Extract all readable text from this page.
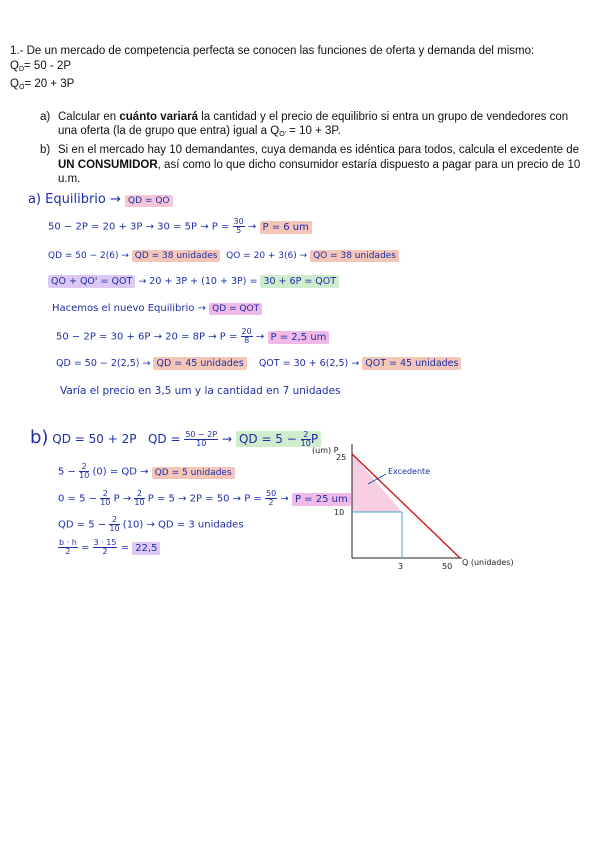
1.- De un mercado de competencia perfecta se conocen las funciones de oferta y demanda del mismo:
$Q_D= 50 - 2P$
$Q_O= 20 + 3P$
a) Calcular en cuánto variará la cantidad y el precio de equilibrio si entra un grupo de vendedores con una oferta (la de grupo que entra) igual a $Q_{O'} = 10 + 3P$.
b) Si en el mercado hay 10 demandantes, cuya demanda es idéntica para todos, calcula el excedente de UN CONSUMIDOR, así como lo que dicho consumidor estaría dispuesto a pagar para un precio de 10 u.m.
a) Equilibrio → QD = QO
$50 - 2P = 20 + 3P \to 30 = 5P \to P = \frac{30}{5} \to P = 6$ um
QD = 50 − 2(6) → QD = 38 unidades QO = 20 + 3(6) → QO = 38 unidades
QO + QO' = QOT → 20 + 3P + (10 + 3P) = 30 + 6P = QOT
Hacemos el nuevo Equilibrio → QD = QOT
$50 - 2P = 30 + 6P \to 20 = 8P \to P = \frac{20}{8} \to P = 2,5$ um
QD = 50 − 2(2,5) → QD = 45 unidades QOT = 30 + 6(2,5) → QOT = 45 unidades
Varía el precio en 3,5 um y la cantidad en 7 unidades
b) QD = 50 + 2P QD = $\frac{50 - 2P}{10}$ → QD = $5 - \frac{2}{10}$ P
$5 - \frac{2}{10} (0)$ = QD → QD = 5 unidades
$0 = 5 - \frac{2}{10}$ $P \to \frac{2}{10}$ $P = 5 \to 2P = 50 \to P = \frac{50}{2} \to P = 25$ um
QD = $5 - \frac{2}{10} (10)$ → QD = 3 unidades
$\frac{b \cdot h}{2} = \frac{3 \cdot 15}{2} = 22,5$
(um) P
25
10
3	50 Q (unidades)
Excedente
